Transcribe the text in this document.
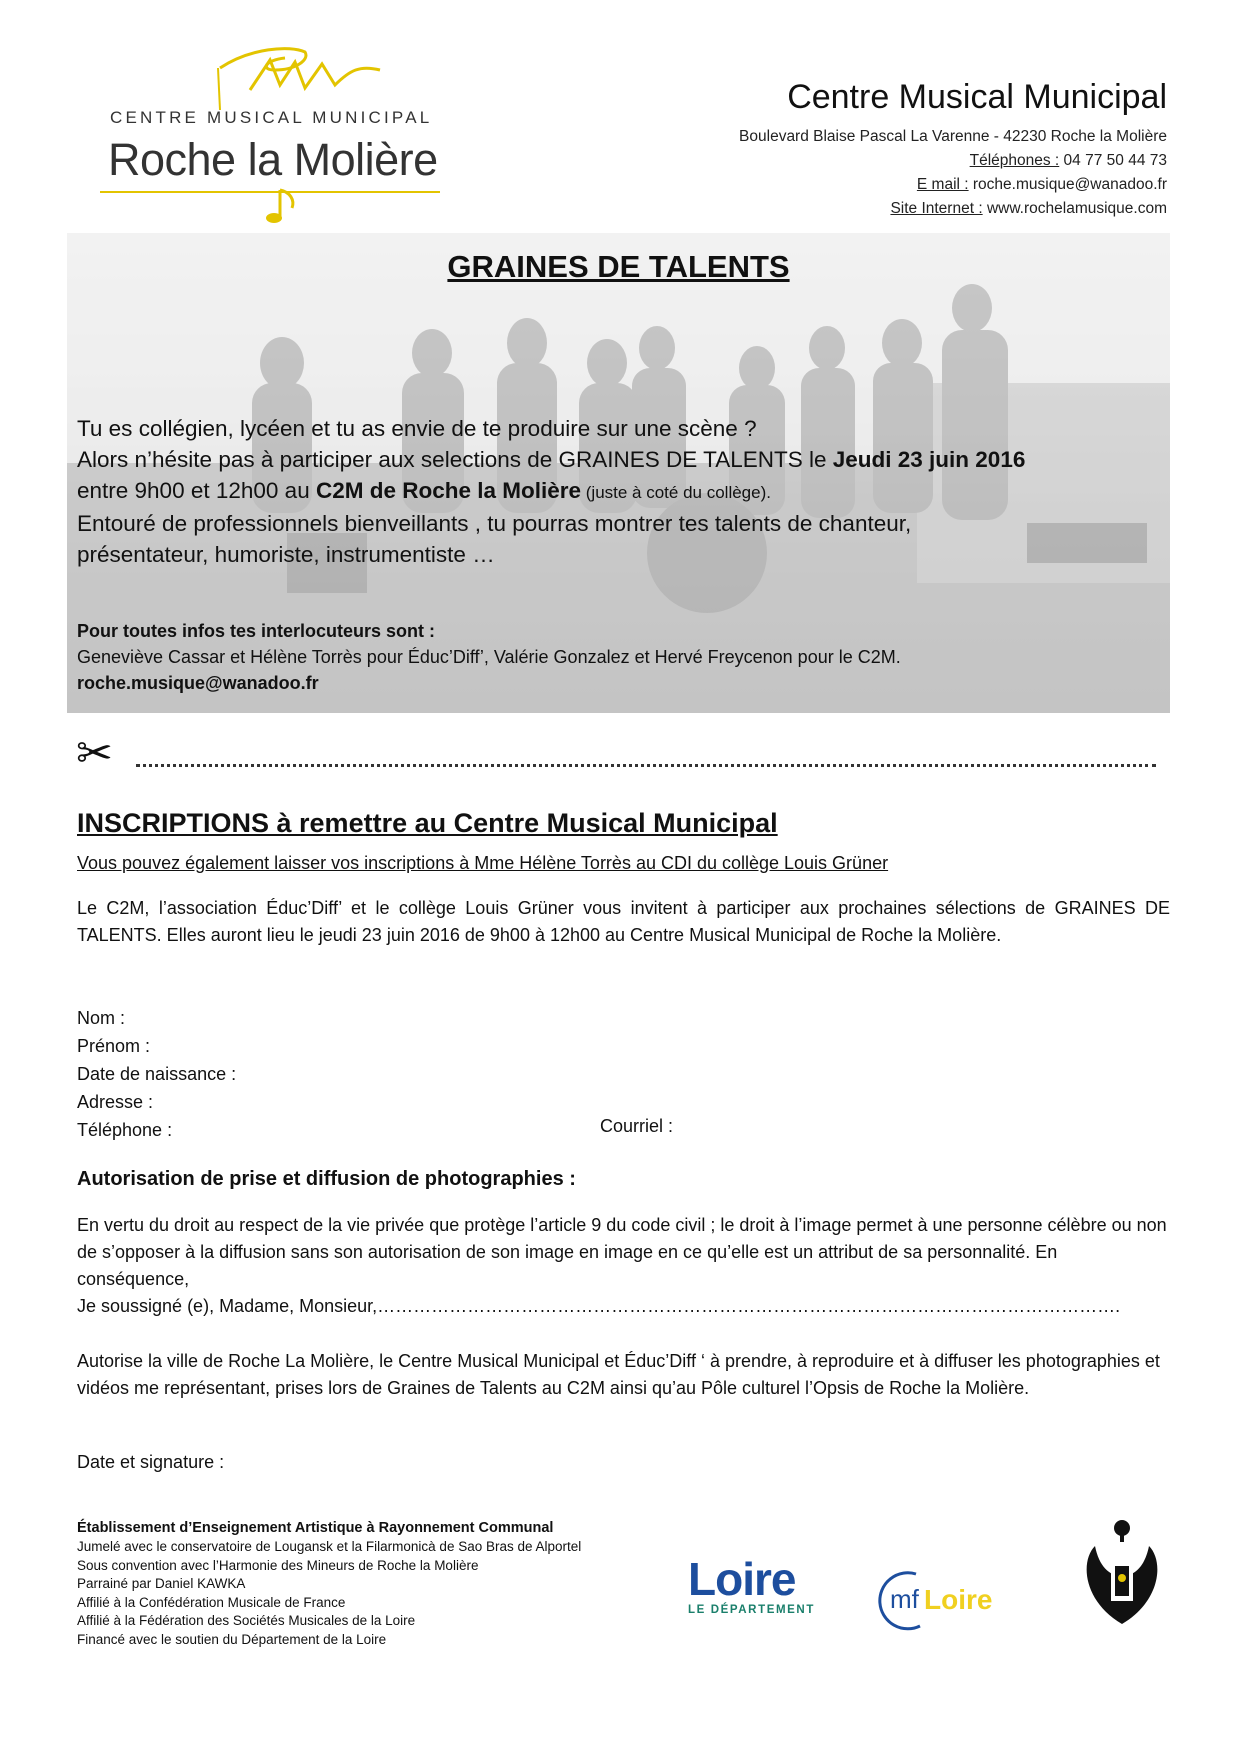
CENTRE MUSICAL MUNICIPAL
Roche la Molière
Centre Musical Municipal
Boulevard Blaise Pascal La Varenne - 42230 Roche la Molière
Téléphones : 04 77 50 44 73
E mail : roche.musique@wanadoo.fr
Site Internet : www.rochelamusique.com
GRAINES DE TALENTS
Tu es collégien, lycéen et tu as envie de te produire sur une scène ?
Alors n’hésite pas à participer aux selections de GRAINES DE TALENTS le Jeudi 23 juin 2016
entre 9h00 et 12h00 au C2M de Roche la Molière (juste à coté du collège).
Entouré de professionnels bienveillants , tu pourras montrer tes talents de chanteur,
présentateur, humoriste, instrumentiste …
Pour toutes infos tes interlocuteurs sont :
Geneviève Cassar et Hélène Torrès pour Éduc’Diff’, Valérie Gonzalez et Hervé Freycenon pour le C2M.
roche.musique@wanadoo.fr
✂
INSCRIPTIONS à remettre au Centre Musical Municipal
Vous pouvez également laisser vos inscriptions à Mme Hélène Torrès au CDI du collège Louis Grüner
Le C2M, l’association Éduc’Diff’ et le collège Louis Grüner vous invitent à participer aux prochaines sélections de GRAINES DE TALENTS. Elles auront lieu le jeudi 23 juin 2016 de 9h00 à 12h00 au Centre Musical Municipal de Roche la Molière.
Nom :
Prénom :
Date de naissance :
Adresse :
Téléphone :	Courriel :
Autorisation de prise et diffusion de photographies :
En vertu du droit au respect de la vie privée que protège l’article 9 du code civil ; le droit à l’image permet à une personne célèbre ou non de s’opposer à la diffusion sans son autorisation de son image en image en ce qu’elle est un attribut de sa personnalité. En conséquence,
Je soussigné (e), Madame, Monsieur,…………………………………………………………………………………………………………….
Autorise la ville de Roche La Molière, le Centre Musical Municipal et Éduc’Diff ‘ à prendre, à reproduire et à diffuser les photographies et vidéos me représentant, prises lors de Graines de Talents au C2M ainsi qu’au Pôle culturel l’Opsis de Roche la Molière.
Date et signature :
Établissement d’Enseignement Artistique à Rayonnement Communal
Jumelé avec le conservatoire de Lougansk et la Filarmonicà de Sao Bras de Alportel
Sous convention avec l’Harmonie des Mineurs de Roche la Molière
Parrainé par Daniel KAWKA
Affilié à la Confédération Musicale de France
Affilié à la Fédération des Sociétés Musicales de la Loire
Financé avec le soutien du Département de la Loire
Loire
LE DÉPARTEMENT	mf Loire
